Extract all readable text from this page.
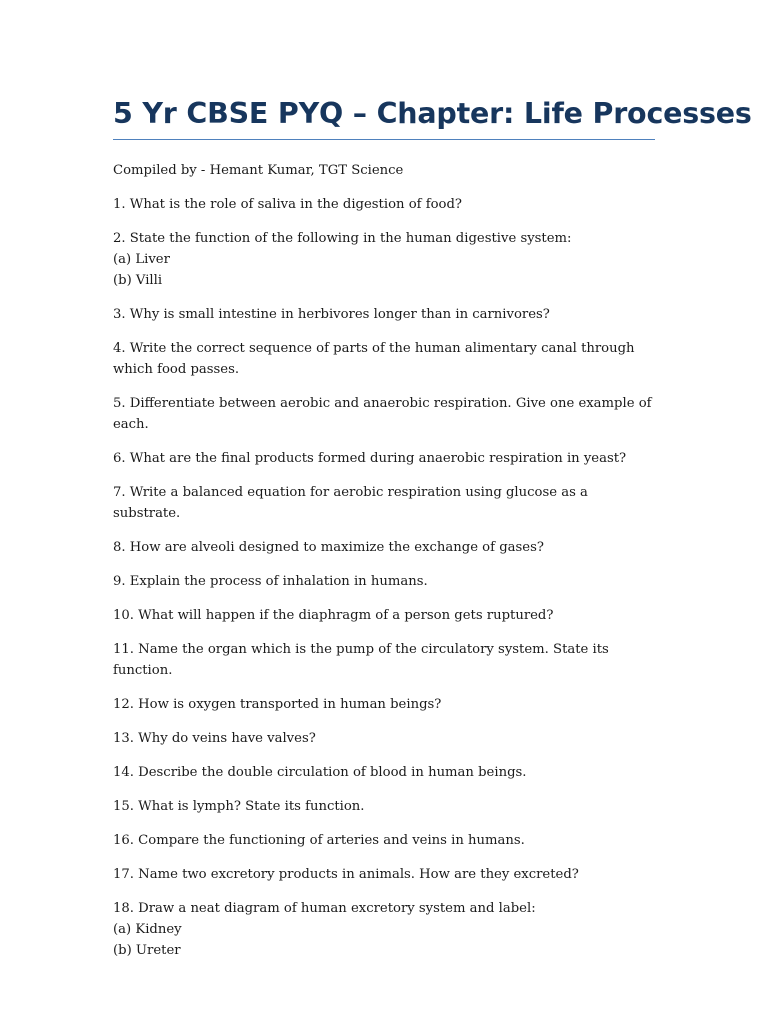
5 Yr CBSE PYQ – Chapter: Life Processes
Compiled by - Hemant Kumar, TGT Science

1. What is the role of saliva in the digestion of food?

2. State the function of the following in the human digestive system:
(a) Liver
(b) Villi

3. Why is small intestine in herbivores longer than in carnivores?

4. Write the correct sequence of parts of the human alimentary canal through which food passes.

5. Differentiate between aerobic and anaerobic respiration. Give one example of each.

6. What are the final products formed during anaerobic respiration in yeast?

7. Write a balanced equation for aerobic respiration using glucose as a substrate.

8. How are alveoli designed to maximize the exchange of gases?

9. Explain the process of inhalation in humans.

10. What will happen if the diaphragm of a person gets ruptured?

11. Name the organ which is the pump of the circulatory system. State its function.

12. How is oxygen transported in human beings?

13. Why do veins have valves?

14. Describe the double circulation of blood in human beings.

15. What is lymph? State its function.

16. Compare the functioning of arteries and veins in humans.

17. Name two excretory products in animals. How are they excreted?

18. Draw a neat diagram of human excretory system and label:
(a) Kidney
(b) Ureter
